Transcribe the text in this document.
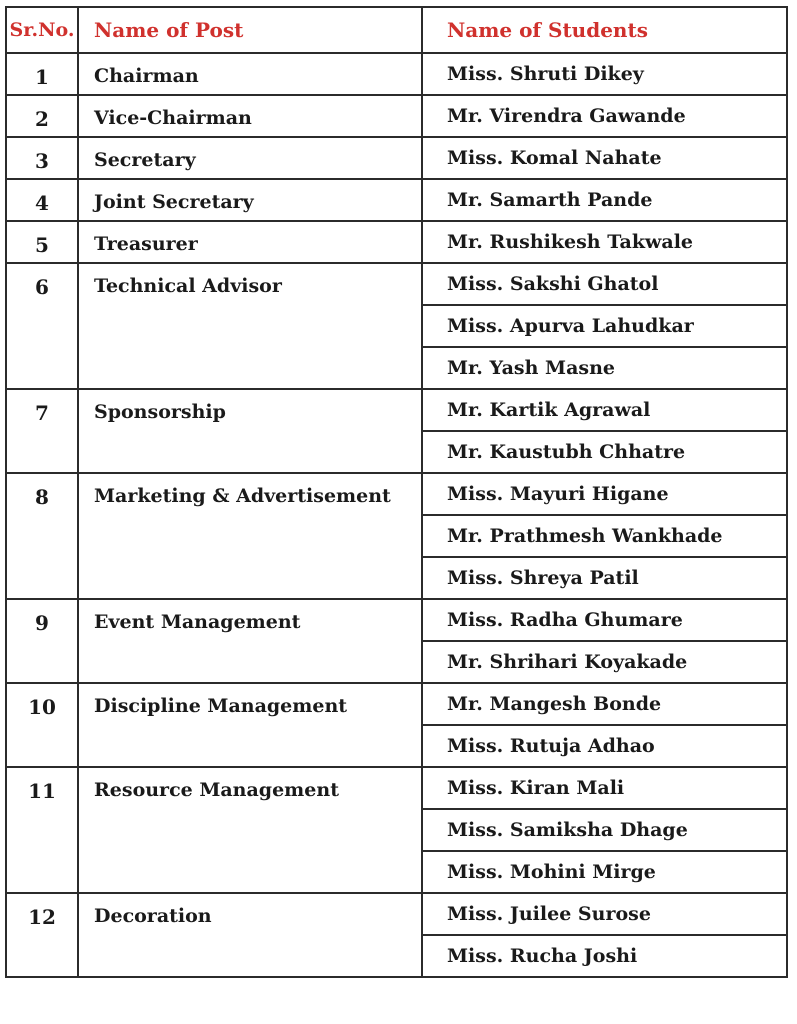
Sr.No.	Name of Post	Name of Students
1	Chairman	Miss. Shruti Dikey
2	Vice-Chairman	Mr. Virendra Gawande
3	Secretary	Miss. Komal Nahate
4	Joint Secretary	Mr. Samarth Pande
5	Treasurer	Mr. Rushikesh Takwale
6	Technical Advisor	Miss. Sakshi Ghatol
		Miss. Apurva Lahudkar
		Mr. Yash Masne
7	Sponsorship	Mr. Kartik Agrawal
		Mr. Kaustubh Chhatre
8	Marketing & Advertisement	Miss. Mayuri Higane
		Mr. Prathmesh Wankhade
		Miss. Shreya Patil
9	Event Management	Miss. Radha Ghumare
		Mr. Shrihari Koyakade
10	Discipline Management	Mr. Mangesh Bonde
		Miss. Rutuja Adhao
11	Resource Management	Miss. Kiran Mali
		Miss. Samiksha Dhage
		Miss. Mohini Mirge
12	Decoration	Miss. Juilee Surose
		Miss. Rucha Joshi
